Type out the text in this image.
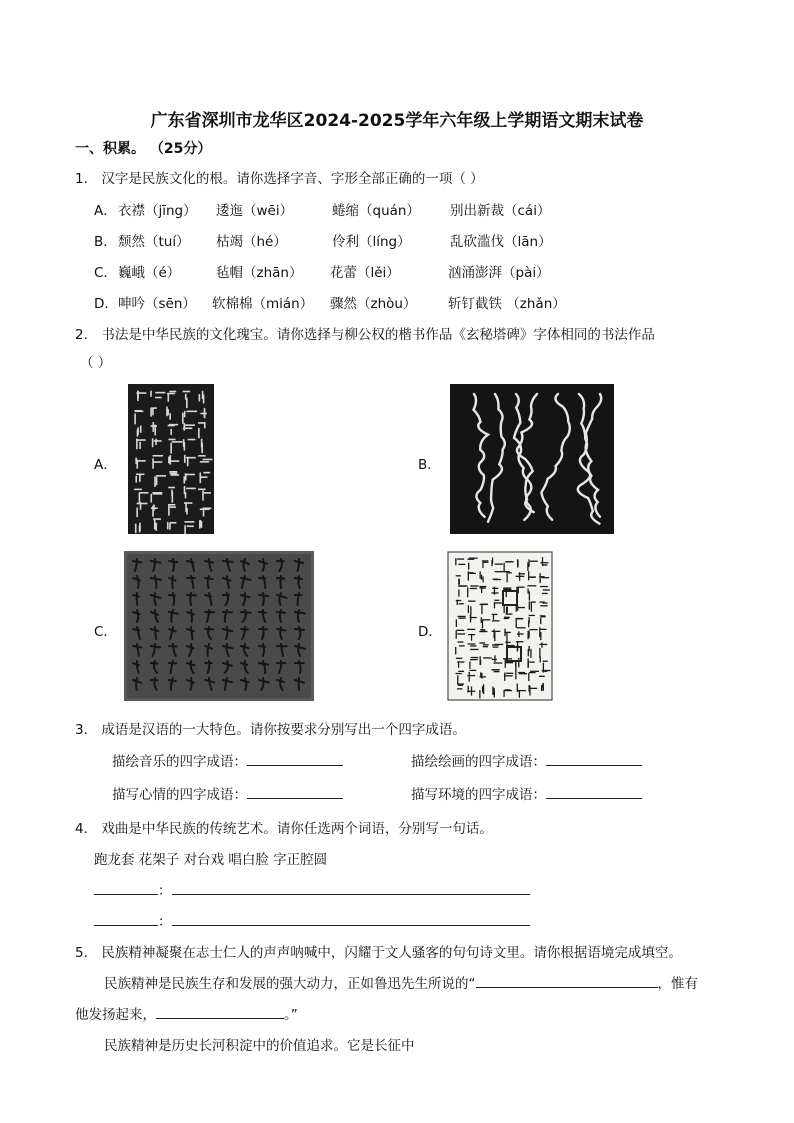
广东省深圳市龙华区2024-2025学年六年级上学期语文期末试卷
一、积累。 （25分）
1． 汉字是民族文化的根。请你选择字音、字形全部正确的一项（ ）
A． 衣襟（jīng） 逶迤（wēi）	蜷缩（quán） 别出新裁（cái）
B． 颓然（tuí） 枯竭（hé）	伶利（líng）	乱砍滥伐（lān）
C． 巍峨（é）	毡帽（zhān） 花蕾（lěi）	汹涌澎湃（pài）
D． 呻吟（sēn） 软棉棉（mián） 骤然（zhòu） 斩钉截铁 （zhǎn）
2． 书法是中华民族的文化瑰宝。请你选择与柳公权的楷书作品《玄秘塔碑》字体相同的书法作品
（ ）
A．	B．
C．	D．
3． 成语是汉语的一大特色。请你按要求分别写出一个四字成语。
描绘音乐的四字成语：	描绘绘画的四字成语：
描写心情的四字成语：	描写环境的四字成语：
4． 戏曲是中华民族的传统艺术。请你任选两个词语，分别写一句话。
跑龙套 花架子 对台戏 唱白脸 字正腔圆
：
：
5． 民族精神凝聚在志士仁人的声声呐喊中，闪耀于文人骚客的句句诗文里。请你根据语境完成填空。
民族精神是民族生存和发展的强大动力，正如鲁迅先生所说的“	，惟有
他发扬起来，	。”
民族精神是历史长河积淀中的价值追求。它是长征中
